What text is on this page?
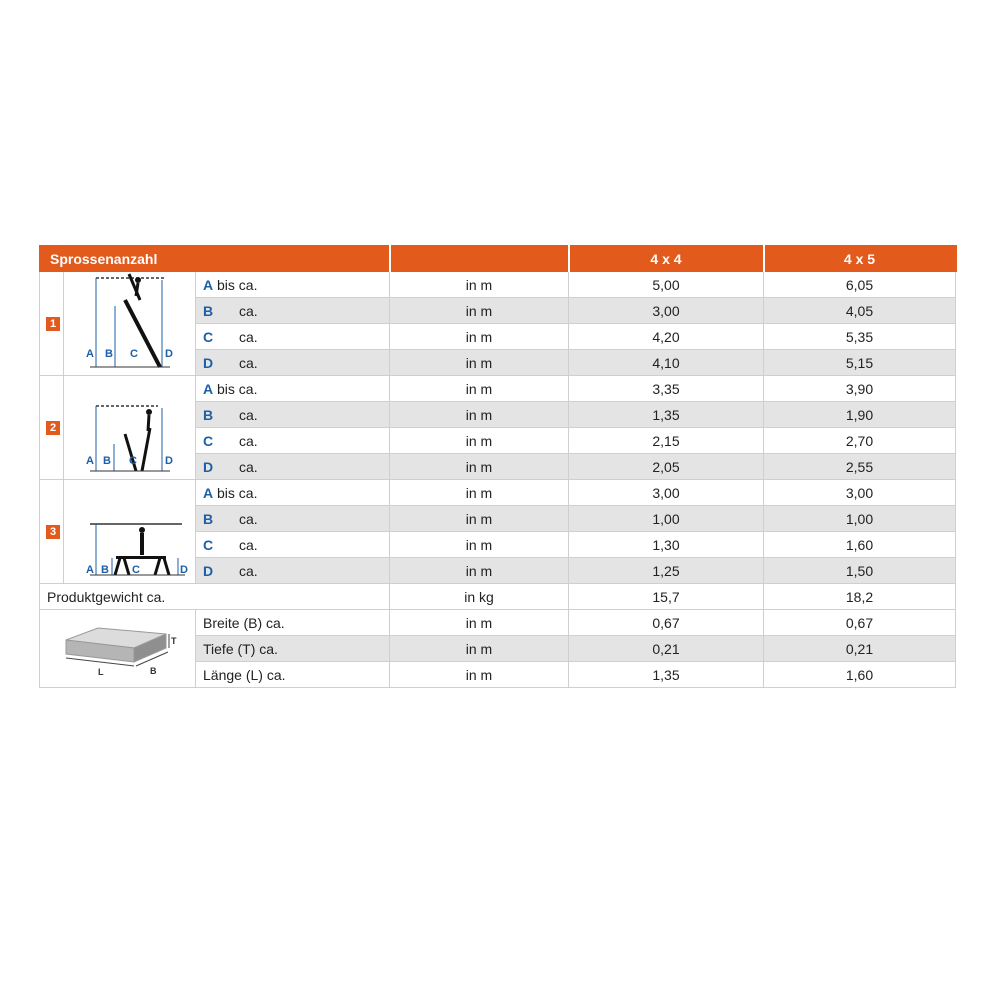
Sprossenanzahl				4 x 4	4 x 5

1	A B C D	A bis ca.	in m	5,00	6,05
		B ca.	in m	3,00	4,05
		C ca.	in m	4,20	5,35
		D ca.	in m	4,10	5,15

2	A B C D	A bis ca.	in m	3,35	3,90
		B ca.	in m	1,35	1,90
		C ca.	in m	2,15	2,70
		D ca.	in m	2,05	2,55

3	A B C D	A bis ca.	in m	3,00	3,00
		B ca.	in m	1,00	1,00
		C ca.	in m	1,30	1,60
		D ca.	in m	1,25	1,50
Produktgewicht ca.			in kg	15,7	18,2

T
L B		Breite (B) ca.	in m	0,67	0,67
		Tiefe (T) ca.	in m	0,21	0,21
		Länge (L) ca.	in m	1,35	1,60
